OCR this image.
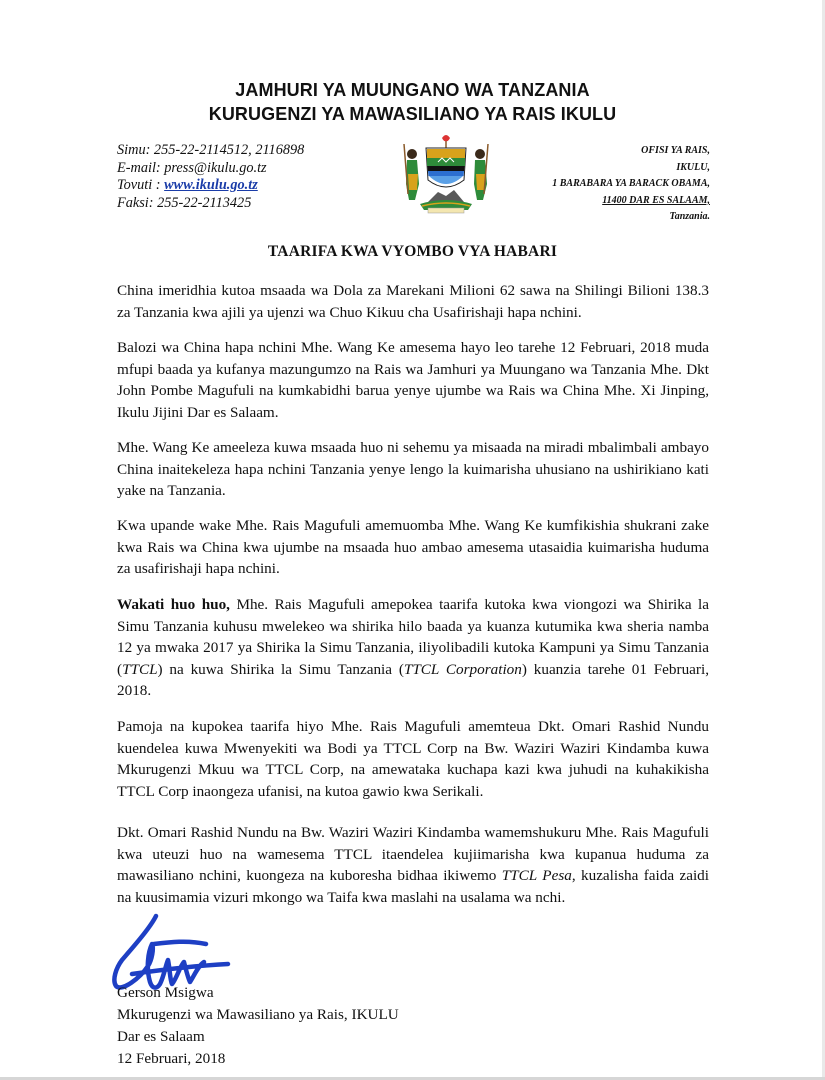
JAMHURI YA MUUNGANO WA TANZANIA
KURUGENZI YA MAWASILIANO YA RAIS IKULU
Simu: 255-22-2114512, 2116898
E-mail: press@ikulu.go.tz
Tovuti : www.ikulu.go.tz
Faksi: 255-22-2113425
OFISI YA RAIS,
IKULU,
1 BARABARA YA BARACK OBAMA,
11400 DAR ES SALAAM,
Tanzania.
TAARIFA KWA VYOMBO VYA HABARI

China imeridhia kutoa msaada wa Dola za Marekani Milioni 62 sawa na Shilingi Bilioni 138.3 za Tanzania kwa ajili ya ujenzi wa Chuo Kikuu cha Usafirishaji hapa nchini.

Balozi wa China hapa nchini Mhe. Wang Ke amesema hayo leo tarehe 12 Februari, 2018 muda mfupi baada ya kufanya mazungumzo na Rais wa Jamhuri ya Muungano wa Tanzania Mhe. Dkt John Pombe Magufuli na kumkabidhi barua yenye ujumbe wa Rais wa China Mhe. Xi Jinping, Ikulu Jijini Dar es Salaam.

Mhe. Wang Ke ameeleza kuwa msaada huo ni sehemu ya misaada na miradi mbalimbali ambayo China inaitekeleza hapa nchini Tanzania yenye lengo la kuimarisha uhusiano na ushirikiano kati yake na Tanzania.

Kwa upande wake Mhe. Rais Magufuli amemuomba Mhe. Wang Ke kumfikishia shukrani zake kwa Rais wa China kwa ujumbe na msaada huo ambao amesema utasaidia kuimarisha huduma za usafirishaji hapa nchini.

Wakati huo huo, Mhe. Rais Magufuli amepokea taarifa kutoka kwa viongozi wa Shirika la Simu Tanzania kuhusu mwelekeo wa shirika hilo baada ya kuanza kutumika kwa sheria namba 12 ya mwaka 2017 ya Shirika la Simu Tanzania, iliyolibadili kutoka Kampuni ya Simu Tanzania (TTCL) na kuwa Shirika la Simu Tanzania (TTCL Corporation) kuanzia tarehe 01 Februari, 2018.

Pamoja na kupokea taarifa hiyo Mhe. Rais Magufuli amemteua Dkt. Omari Rashid Nundu kuendelea kuwa Mwenyekiti wa Bodi ya TTCL Corp na Bw. Waziri Waziri Kindamba kuwa Mkurugenzi Mkuu wa TTCL Corp, na amewataka kuchapa kazi kwa juhudi na kuhakikisha TTCL Corp inaongeza ufanisi, na kutoa gawio kwa Serikali.

Dkt. Omari Rashid Nundu na Bw. Waziri Waziri Kindamba wamemshukuru Mhe. Rais Magufuli kwa uteuzi huo na wamesema TTCL itaendelea kujiimarisha kwa kupanua huduma za mawasiliano nchini, kuongeza na kuboresha bidhaa ikiwemo TTCL Pesa, kuzalisha faida zaidi na kuusimamia vizuri mkongo wa Taifa kwa maslahi na usalama wa nchi.

Gerson Msigwa
Mkurugenzi wa Mawasiliano ya Rais, IKULU
Dar es Salaam
12 Februari, 2018
